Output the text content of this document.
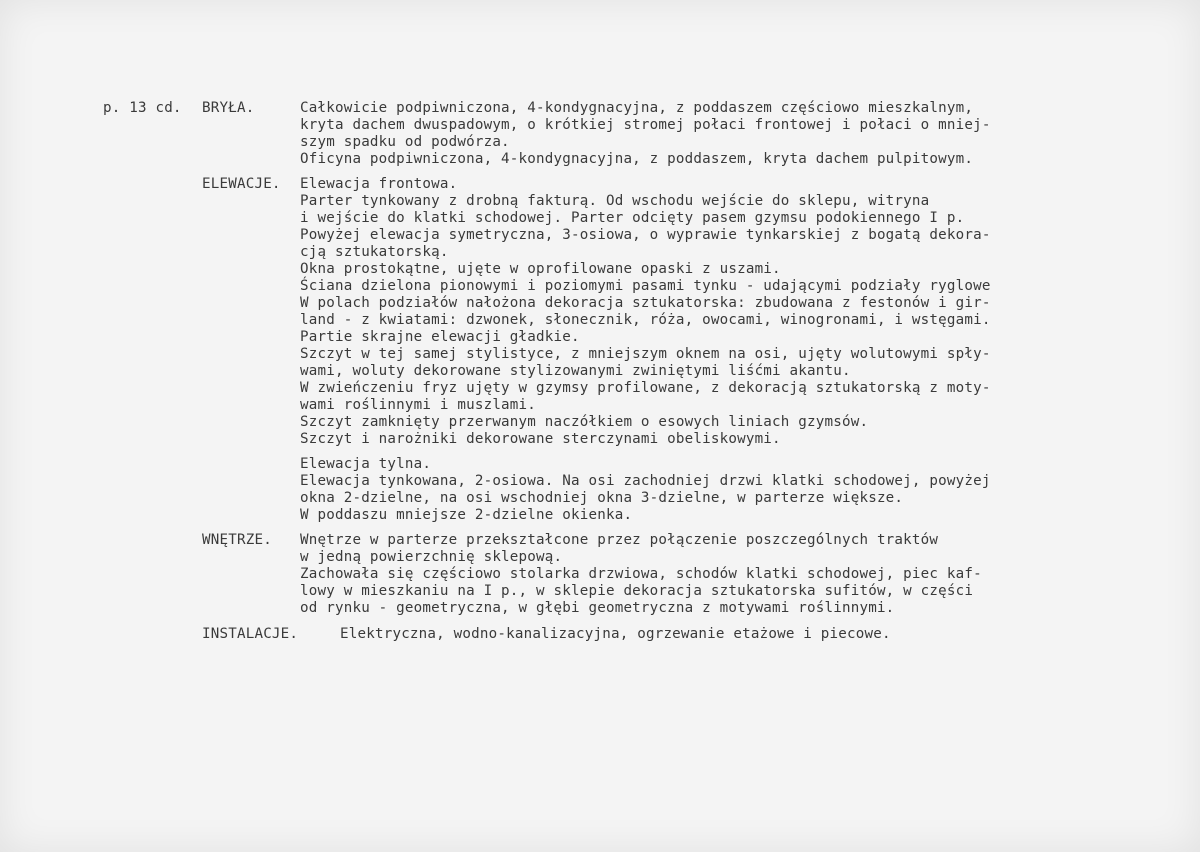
p. 13 cd. BRYŁA.	Całkowicie podpiwniczona, 4-kondygnacyjna, z poddaszem częściowo mieszkalnym,
kryta dachem dwuspadowym, o krótkiej stromej połaci frontowej i połaci o mniej-
szym spadku od podwórza.
Oficyna podpiwniczona, 4-kondygnacyjna, z poddaszem, kryta dachem pulpitowym.
ELEWACJE. Elewacja frontowa.
Parter tynkowany z drobną fakturą. Od wschodu wejście do sklepu, witryna
i wejście do klatki schodowej. Parter odcięty pasem gzymsu podokiennego I p.
Powyżej elewacja symetryczna, 3-osiowa, o wyprawie tynkarskiej z bogatą dekora-
cją sztukatorską.
Okna prostokątne, ujęte w oprofilowane opaski z uszami.
Ściana dzielona pionowymi i poziomymi pasami tynku - udającymi podziały ryglowe
W polach podziałów nałożona dekoracja sztukatorska: zbudowana z festonów i gir-
land - z kwiatami: dzwonek, słonecznik, róża, owocami, winogronami, i wstęgami.
Partie skrajne elewacji gładkie.
Szczyt w tej samej stylistyce, z mniejszym oknem na osi, ujęty wolutowymi spły-
wami, woluty dekorowane stylizowanymi zwiniętymi liśćmi akantu.
W zwieńczeniu fryz ujęty w gzymsy profilowane, z dekoracją sztukatorską z moty-
wami roślinnymi i muszlami.
Szczyt zamknięty przerwanym naczółkiem o esowych liniach gzymsów.
Szczyt i narożniki dekorowane sterczynami obeliskowymi.
Elewacja tylna.
Elewacja tynkowana, 2-osiowa. Na osi zachodniej drzwi klatki schodowej, powyżej
okna 2-dzielne, na osi wschodniej okna 3-dzielne, w parterze większe.
W poddaszu mniejsze 2-dzielne okienka.
WNĘTRZE. Wnętrze w parterze przekształcone przez połączenie poszczególnych traktów
w jedną powierzchnię sklepową.
Zachowała się częściowo stolarka drzwiowa, schodów klatki schodowej, piec kaf-
lowy w mieszkaniu na I p., w sklepie dekoracja sztukatorska sufitów, w części
od rynku - geometryczna, w głębi geometryczna z motywami roślinnymi.
INSTALACJE.	Elektryczna, wodno-kanalizacyjna, ogrzewanie etażowe i piecowe.
